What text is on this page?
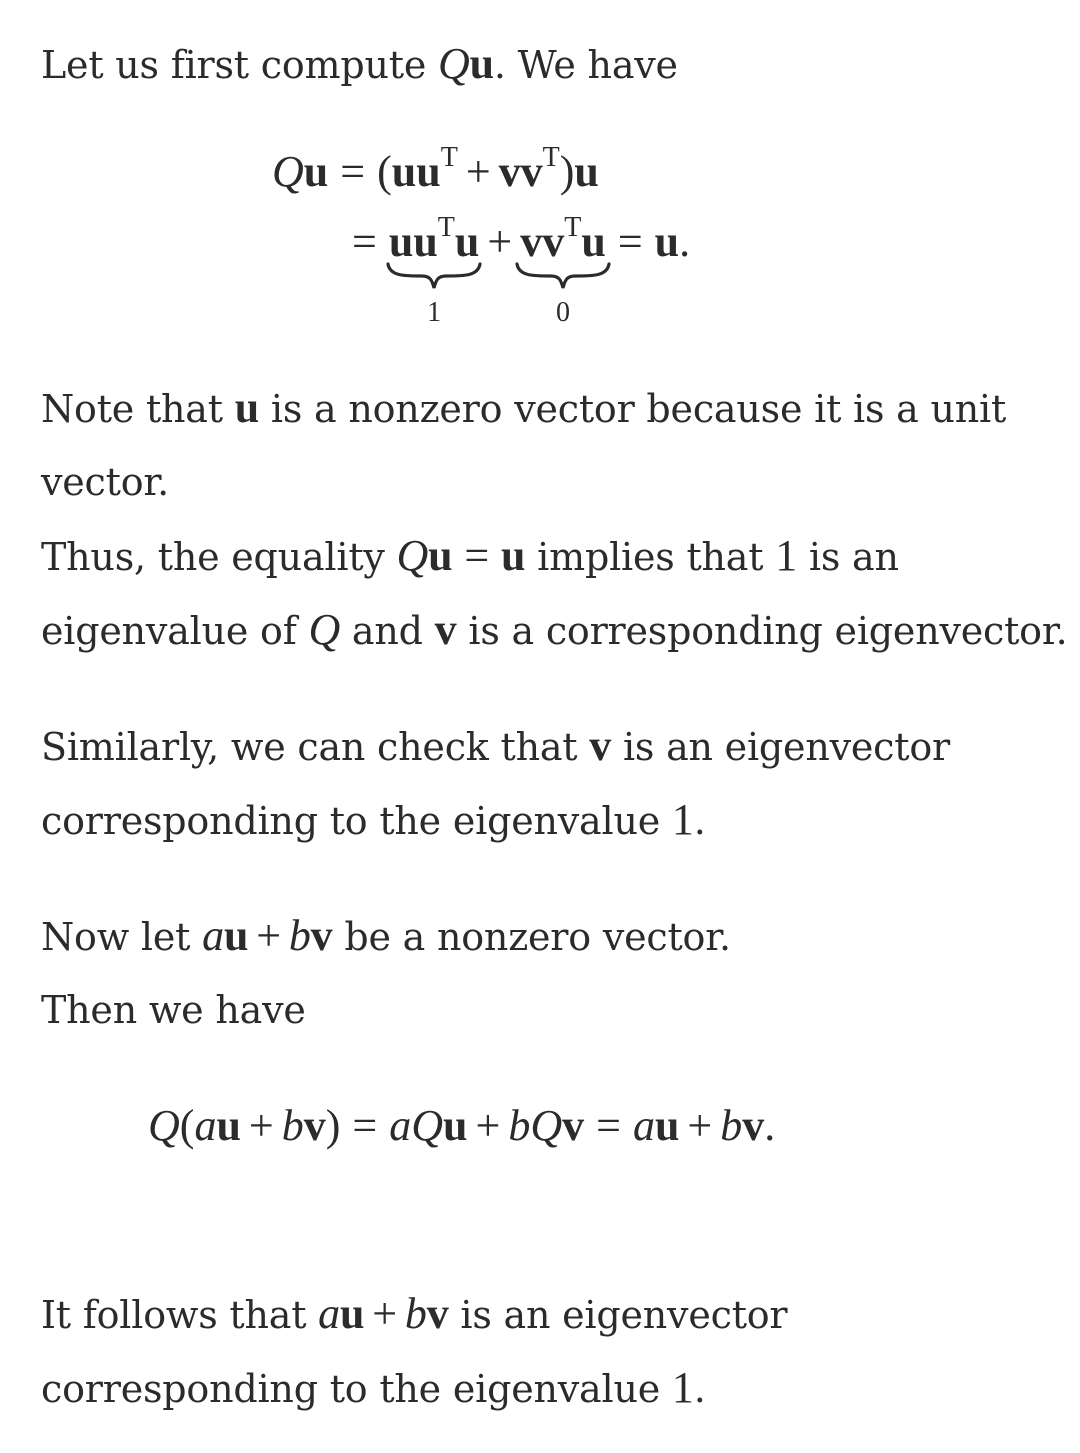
Let us first compute Qu. We have
$Qu = (uu^T + vv^T)u$
= $uu^Tu$
1
+ $vv^Tu$
0
= u.
Note that u is a nonzero vector because it is a unit
vector.
Thus, the equality Qu = u implies that 1 is an
eigenvalue of Q and v is a corresponding eigenvector.
Similarly, we can check that v is an eigenvector
corresponding to the eigenvalue 1.
Now let au + bv be a nonzero vector.
Then we have
Q(au + bv) = aQu + bQv = au + bv.
It follows that au + bv is an eigenvector
corresponding to the eigenvalue 1.
